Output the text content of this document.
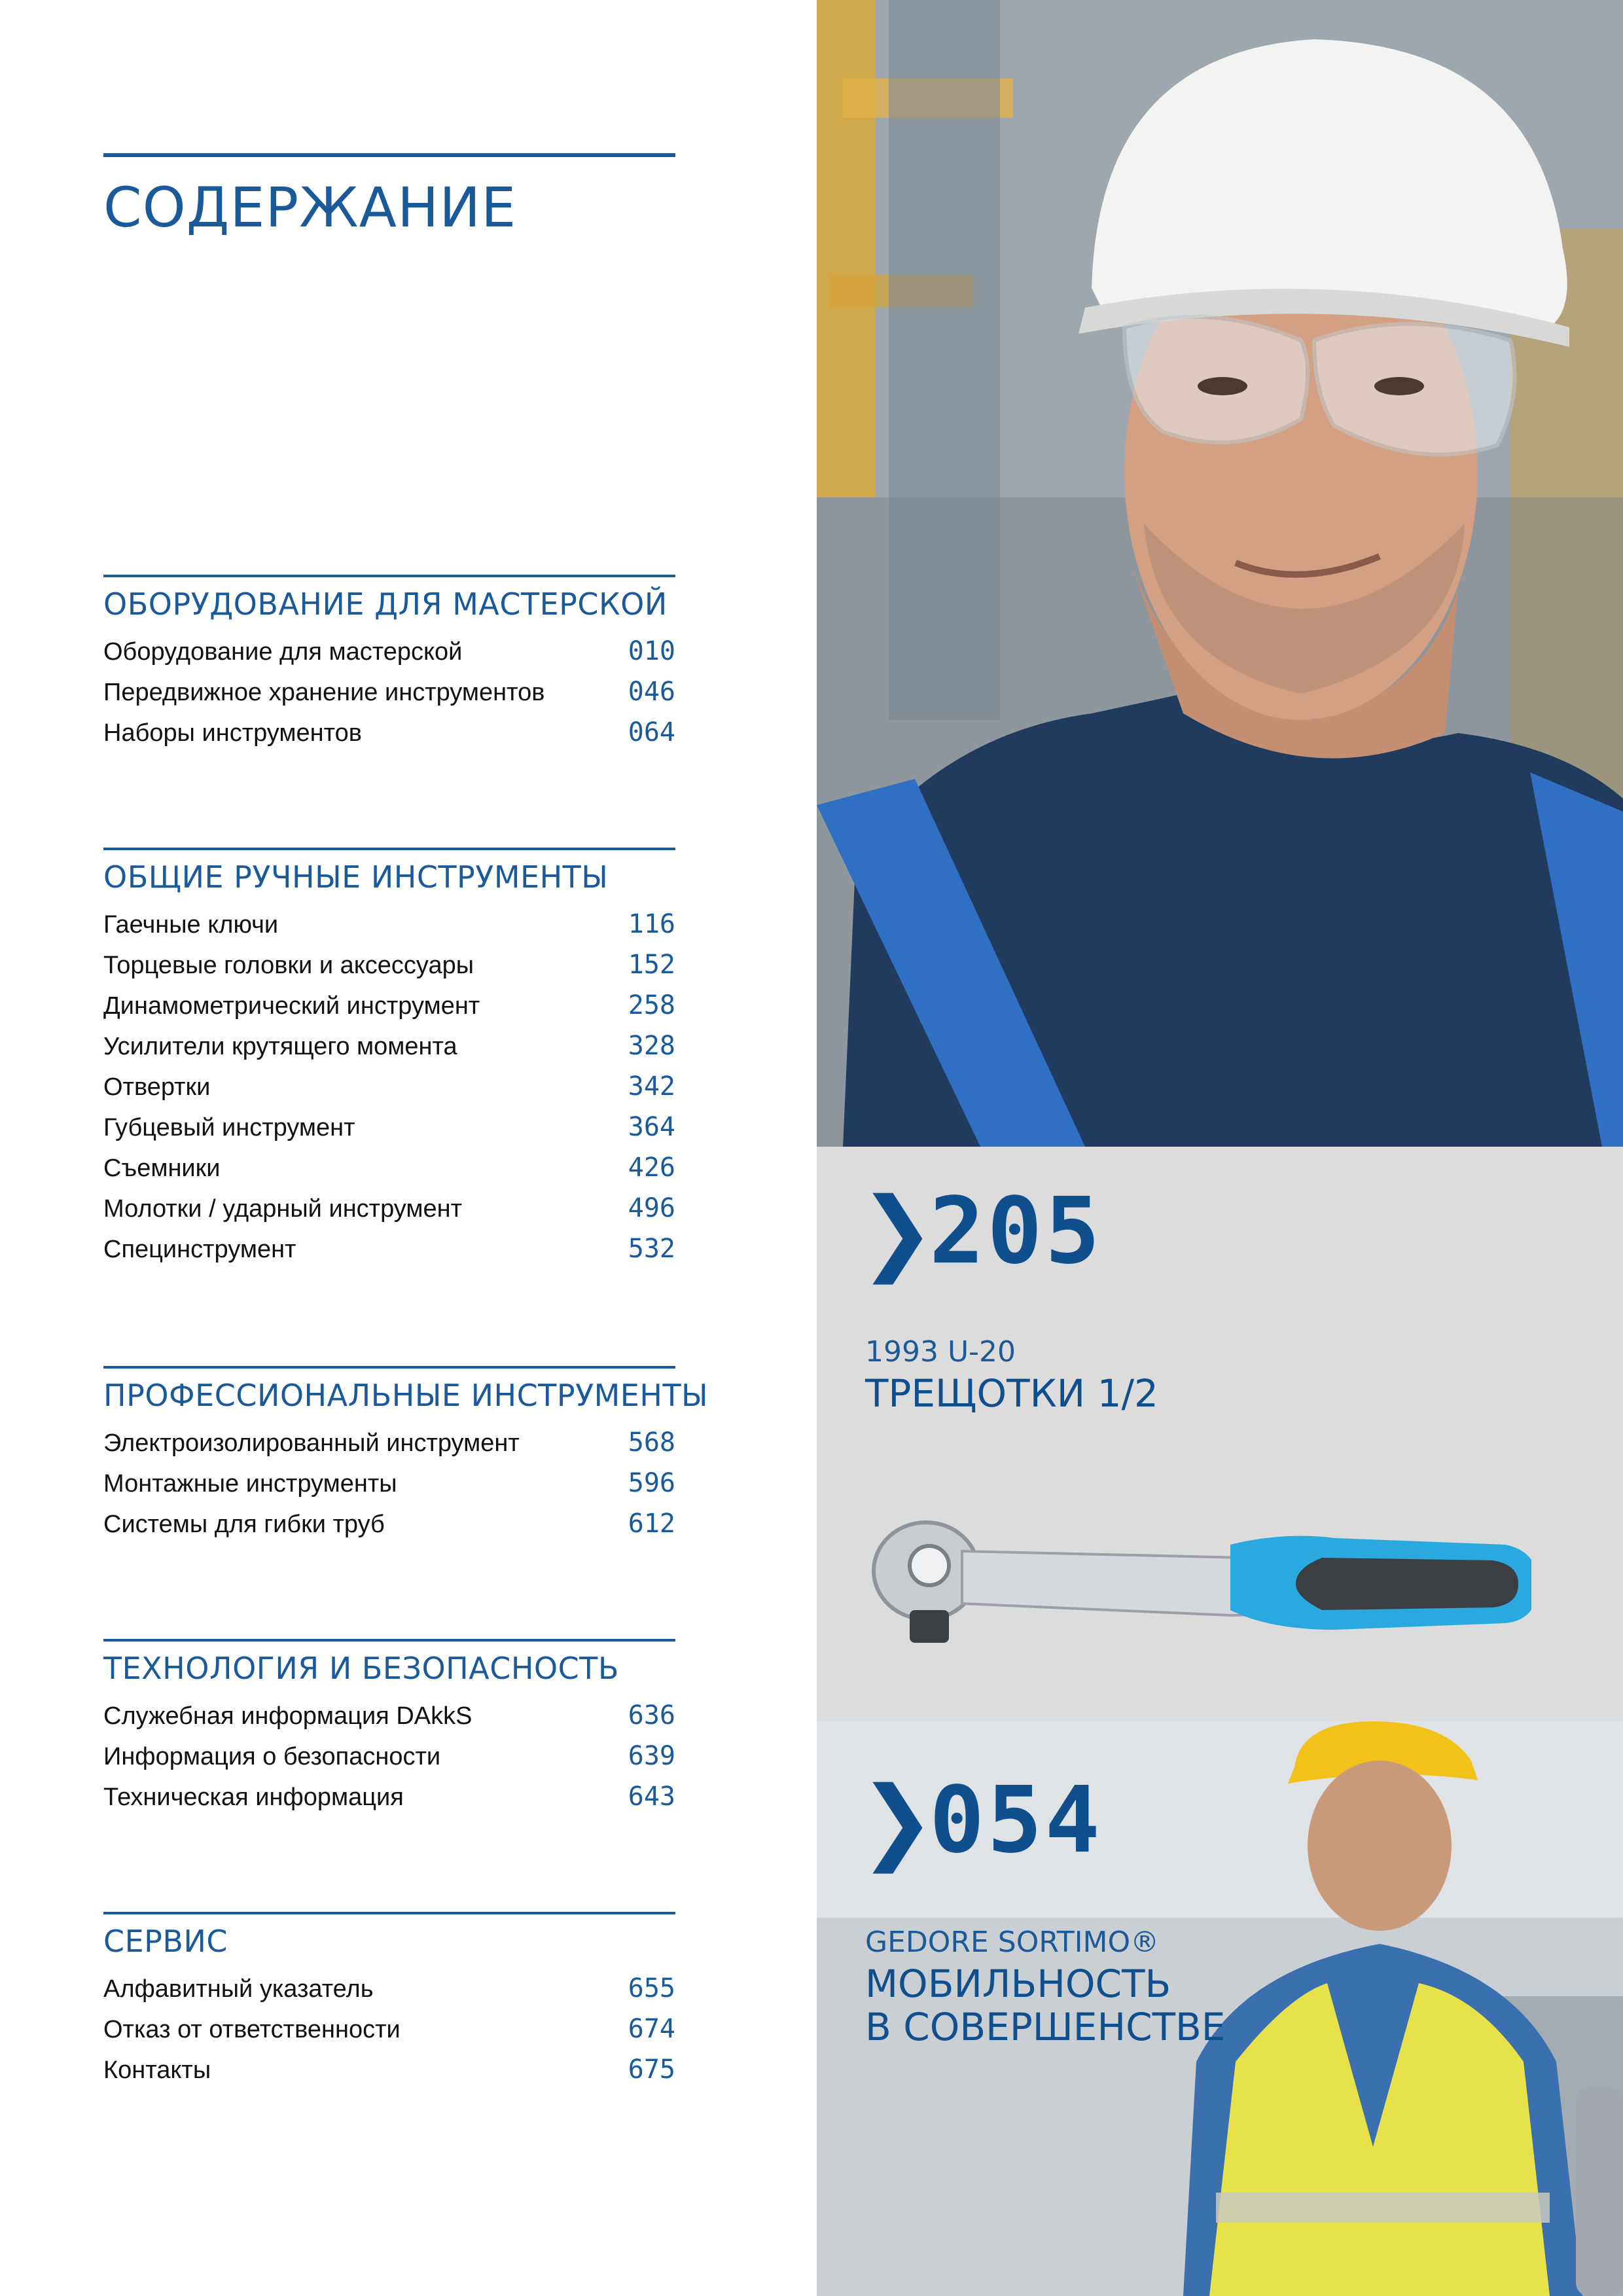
СОДЕРЖАНИЕ
ОБОРУДОВАНИЕ ДЛЯ МАСТЕРСКОЙ
Оборудование для мастерской	010
Передвижное хранение инструментов	046
Наборы инструментов	064
ОБЩИЕ РУЧНЫЕ ИНСТРУМЕНТЫ
Гаечные ключи	116
Торцевые головки и аксессуары	152
Динамометрический инструмент	258
Усилители крутящего момента	328
Отвертки	342
Губцевый инструмент	364
Съемники	426
Молотки / ударный инструмент	496
Специнструмент	532
ПРОФЕССИОНАЛЬНЫЕ ИНСТРУМЕНТЫ
Электроизолированный инструмент	568
Монтажные инструменты	596
Системы для гибки труб	612
ТЕХНОЛОГИЯ И БЕЗОПАСНОСТЬ
Служебная информация DAkkS	636
Информация о безопасности	639
Техническая информация	643
СЕРВИС
Алфавитный указатель	655
Отказ от ответственности	674
Контакты	675
❯
205
1993 U-20
ТРЕЩОТКИ 1/2
❯
054
GEDORE SORTIMO®
МОБИЛЬНОСТЬ
В СОВЕРШЕНСТВЕ
